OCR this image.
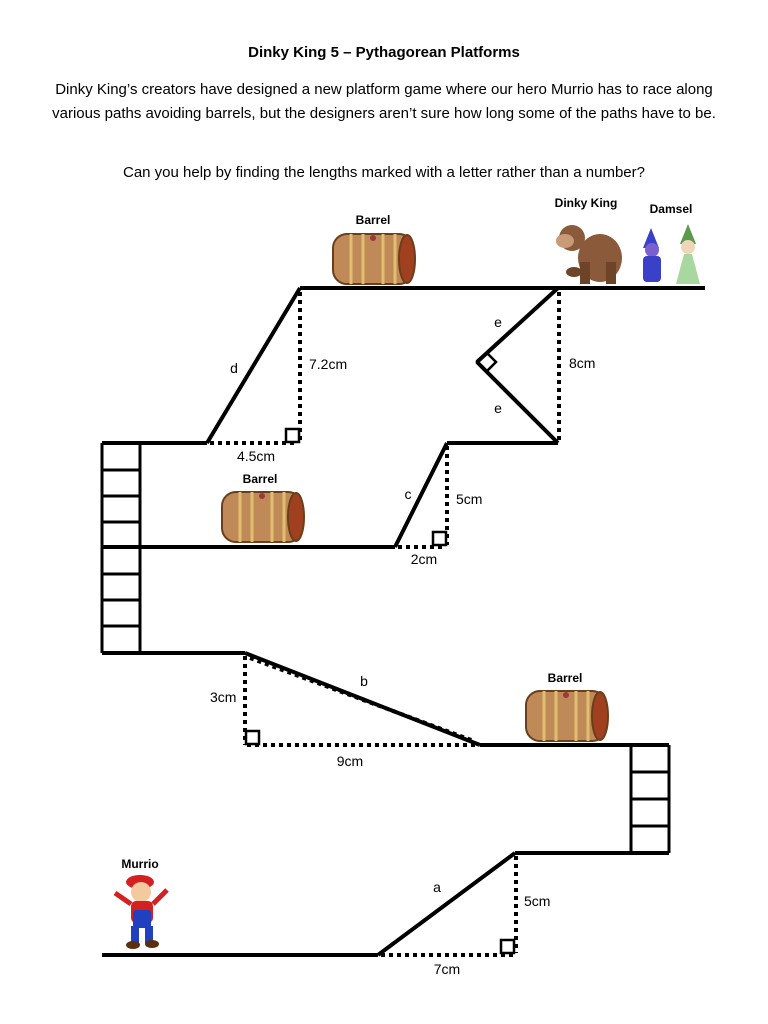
Dinky King 5 – Pythagorean Platforms
Dinky King’s creators have designed a new platform game where our hero Murrio has to race along various paths avoiding barrels, but the designers aren’t sure how long some of the paths have to be.
Can you help by finding the lengths marked with a letter rather than a number?
Barrel
Dinky King	Damsel
Barrel
Barrel
Murrio
d	7.2cm
4.5cm
e
e
8cm
c	5cm
2cm
b
3cm
9cm
a
5cm
7cm
